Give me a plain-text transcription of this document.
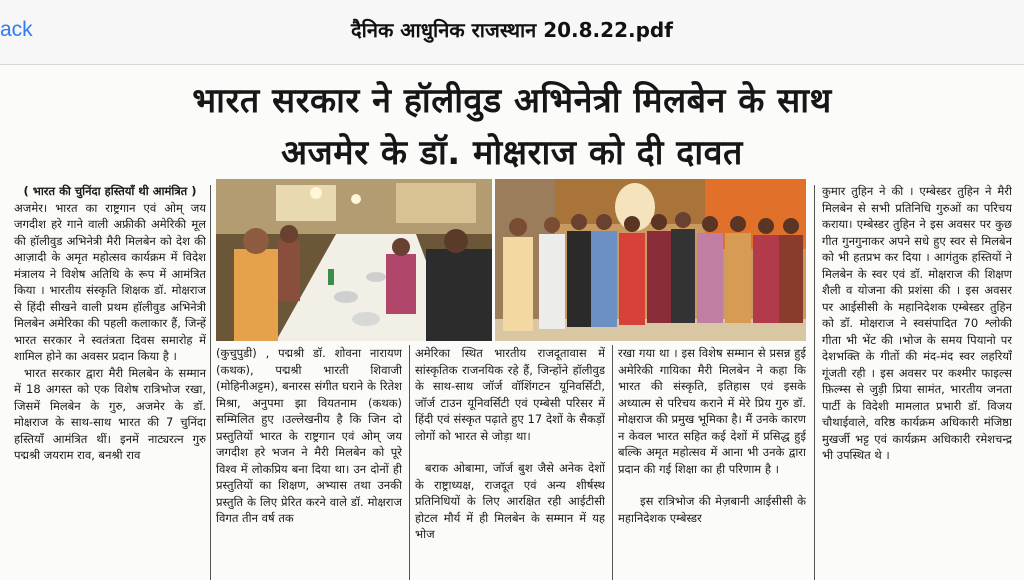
ack	दैनिक आधुनिक राजस्थान 20.8.22.pdf
भारत सरकार ने हॉलीवुड अभिनेत्री मिलबेन के साथ
अजमेर के डॉ. मोक्षराज को दी दावत

( भारत की चुनिंदा हस्तियाँ थी आमंत्रित )

अजमेर। भारत का राष्ट्रगान एवं ओम् जय जगदीश हरे गाने वाली अफ्रीकी अमेरिकी मूल की हॉलीवुड अभिनेत्री मैरी मिलबेन को देश की आज़ादी के अमृत महोत्सव कार्यक्रम में विदेश मंत्रालय ने विशेष अतिथि के रूप में आमंत्रित किया । भारतीय संस्कृति शिक्षक डॉ. मोक्षराज से हिंदी सीखने वाली प्रथम हॉलीवुड अभिनेत्री मिलबेन अमेरिका की पहली कलाकार हैं, जिन्हें भारत सरकार ने स्वतंत्रता दिवस समारोह में शामिल होने का अवसर प्रदान किया है ।

भारत सरकार द्वारा मैरी मिलबेन के सम्मान में 18 अगस्त को एक विशेष रात्रिभोज रखा, जिसमें मिलबेन के गुरु, अजमेर के डॉ. मोक्षराज के साथ-साथ भारत की 7 चुनिंदा हस्तियाँ आमंत्रित थीं। इनमें नाट्यरत्न गुरु पद्मश्री जयराम राव, बनश्री राव

(कुचुपुडी) , पद्मश्री डॉ. शोवना नारायण (कथक), पद्मश्री भारती शिवाजी (मोहिनीअट्टम), बनारस संगीत घराने के रितेश मिश्रा, अनुपमा झा वियतनाम (कथक) सम्मिलित हुए ।उल्लेखनीय है कि जिन दो प्रस्तुतियों भारत के राष्ट्रगान एवं ओम् जय जगदीश हरे भजन ने मैरी मिलबेन को पूरे विश्व में लोकप्रिय बना दिया था। उन दोनों ही प्रस्तुतियों का शिक्षण, अभ्यास तथा उनकी प्रस्तुति के लिए प्रेरित करने वाले डॉ. मोक्षराज विगत तीन वर्ष तक

अमेरिका स्थित भारतीय राजदूतावास में सांस्कृतिक राजनयिक रहे हैं, जिन्होंने हॉलीवुड के साथ-साथ जॉर्ज वॉशिंगटन यूनिवर्सिटी, जॉर्ज टाउन यूनिवर्सिटी एवं एम्बेसी परिसर में हिंदी एवं संस्कृत पढ़ाते हुए 17 देशों के सैकड़ों लोगों को भारत से जोड़ा था।

बराक ओबामा, जॉर्ज बुश जैसे अनेक देशों के राष्ट्राध्यक्ष, राजदूत एवं अन्य शीर्षस्थ प्रतिनिधियों के लिए आरक्षित रही आईटीसी होटल मौर्य में ही मिलबेन के सम्मान में यह भोज

रखा गया था । इस विशेष सम्मान से प्रसन्न हुई अमेरिकी गायिका मैरी मिलबेन ने कहा कि भारत की संस्कृति, इतिहास एवं इसके अध्यात्म से परिचय कराने में मेरे प्रिय गुरु डॉ. मोक्षराज की प्रमुख भूमिका है। मैं उनके कारण न केवल भारत सहित कई देशों में प्रसिद्ध हुई बल्कि अमृत महोत्सव में आना भी उनके द्वारा प्रदान की गई शिक्षा का ही परिणाम है ।

इस रात्रिभोज की मेज़बानी आईसीसी के महानिदेशक एम्बेस्डर

कुमार तुहिन ने की । एम्बेस्डर तुहिन ने मैरी मिलबेन से सभी प्रतिनिधि गुरुओं का परिचय कराया। एम्बेस्डर तुहिन ने इस अवसर पर कुछ गीत गुनगुनाकर अपने सधे हुए स्वर से मिलबेन को भी हतप्रभ कर दिया । आगंतुक हस्तियों ने मिलबेन के स्वर एवं डॉ. मोक्षराज की शिक्षण शैली व योजना की प्रशंसा की । इस अवसर पर आईसीसी के महानिदेशक एम्बेस्डर तुहिन को डॉ. मोक्षराज ने स्वसंपादित 70 श्लोकी गीता भी भेंट की ।भोज के समय पियानो पर देशभक्ति के गीतों की मंद-मंद स्वर लहरियाँ गूंजती रही । इस अवसर पर कश्मीर फाइल्स फ़िल्म्स से जुड़ी प्रिया सामंत, भारतीय जनता पार्टी के विदेशी मामलात प्रभारी डॉ. विजय चौथाईवाले, वरिष्ठ कार्यक्रम अधिकारी मंजिष्ठा मुखर्जी भट्ट एवं कार्यक्रम अधिकारी रमेशचन्द्र भी उपस्थित थे ।
